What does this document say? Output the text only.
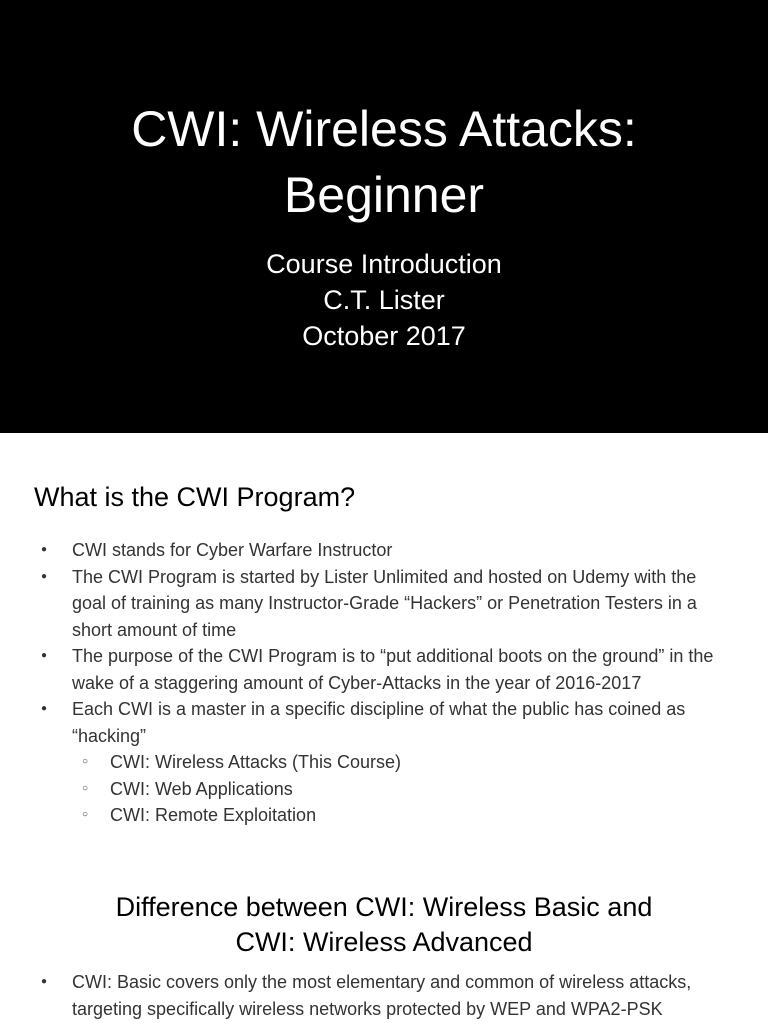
CWI: Wireless Attacks:
Beginner
Course Introduction
C.T. Lister
October 2017
What is the CWI Program?
● CWI stands for Cyber Warfare Instructor
● The CWI Program is started by Lister Unlimited and hosted on Udemy with the goal of training as many Instructor-Grade “Hackers” or Penetration Testers in a short amount of time
● The purpose of the CWI Program is to “put additional boots on the ground” in the wake of a staggering amount of Cyber-Attacks in the year of 2016-2017
● Each CWI is a master in a specific discipline of what the public has coined as “hacking”
○ CWI: Wireless Attacks (This Course)
○ CWI: Web Applications
○ CWI: Remote Exploitation
Difference between CWI: Wireless Basic and
CWI: Wireless Advanced
● CWI: Basic covers only the most elementary and common of wireless attacks, targeting specifically wireless networks protected by WEP and WPA2-PSK
